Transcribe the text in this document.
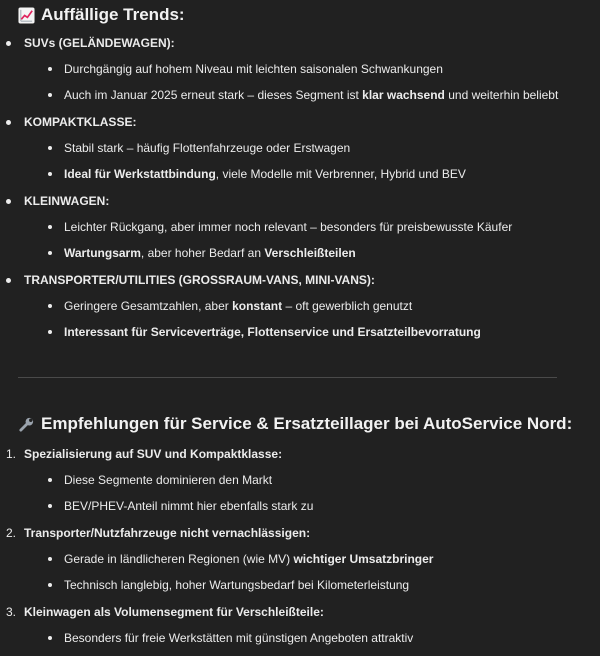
Auffällige Trends:
Empfehlungen für Service & Ersatzteillager bei AutoService Nord:
SUVs (GELÄNDEWAGEN):
Durchgängig auf hohem Niveau mit leichten saisonalen Schwankungen
Auch im Januar 2025 erneut stark – dieses Segment ist klar wachsend und weiterhin beliebt
KOMPAKTKLASSE:
Stabil stark – häufig Flottenfahrzeuge oder Erstwagen
Ideal für Werkstattbindung, viele Modelle mit Verbrenner, Hybrid und BEV
KLEINWAGEN:
Leichter Rückgang, aber immer noch relevant – besonders für preisbewusste Käufer
Wartungsarm, aber hoher Bedarf an Verschleißteilen
TRANSPORTER/UTILITIES (GROSSRAUM-VANS, MINI-VANS):
Geringere Gesamtzahlen, aber konstant – oft gewerblich genutzt
Interessant für Serviceverträge, Flottenservice und Ersatzteilbevorratung
1. Spezialisierung auf SUV und Kompaktklasse:
Diese Segmente dominieren den Markt
BEV/PHEV-Anteil nimmt hier ebenfalls stark zu
2. Transporter/Nutzfahrzeuge nicht vernachlässigen:
Gerade in ländlicheren Regionen (wie MV) wichtiger Umsatzbringer
Technisch langlebig, hoher Wartungsbedarf bei Kilometerleistung
3. Kleinwagen als Volumensegment für Verschleißteile:
Besonders für freie Werkstätten mit günstigen Angeboten attraktiv
